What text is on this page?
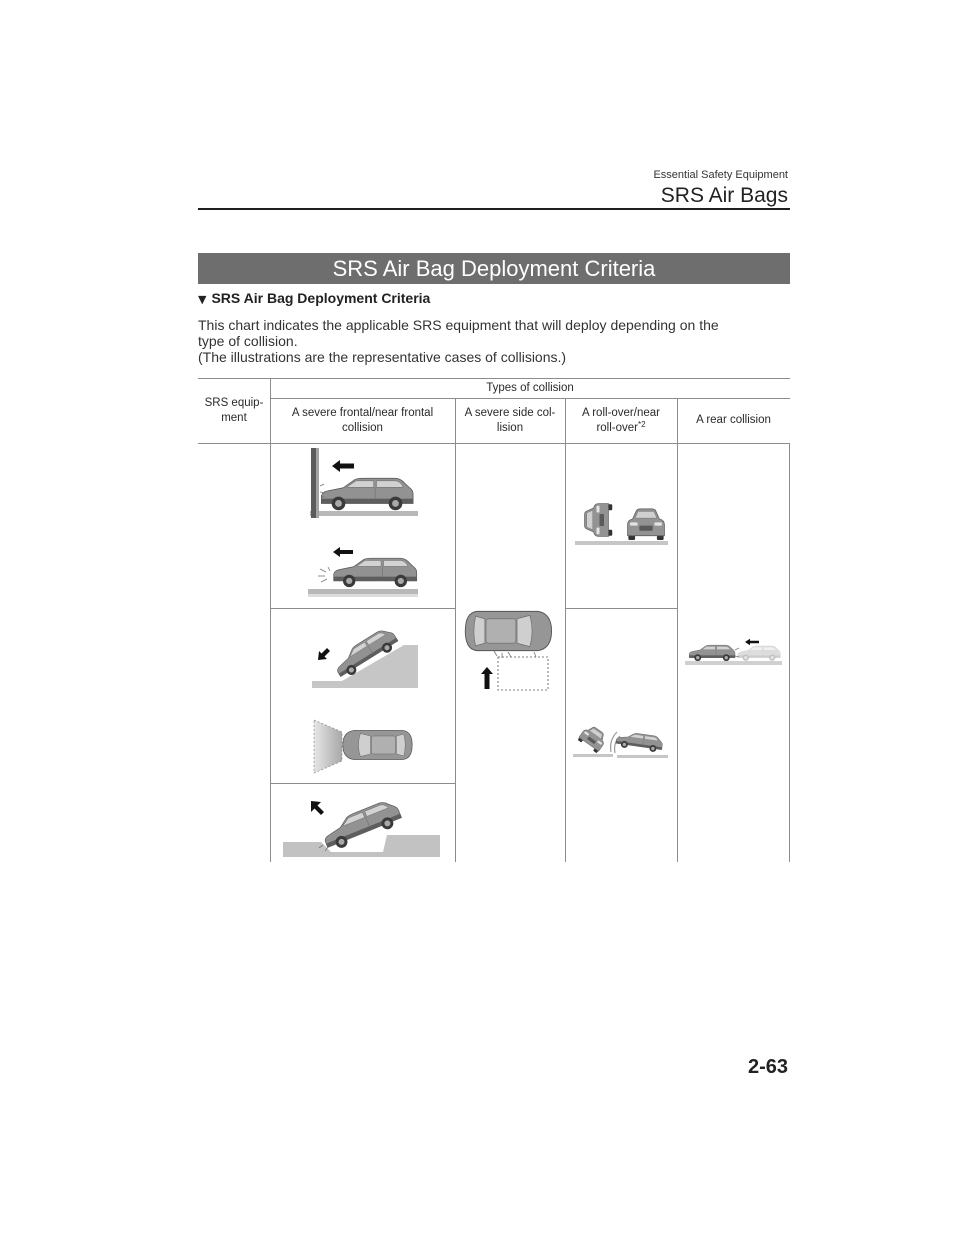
Essential Safety Equipment
SRS Air Bags
SRS Air Bag Deployment Criteria
▼ SRS Air Bag Deployment Criteria
This chart indicates the applicable SRS equipment that will deploy depending on the
type of collision.
(The illustrations are the representative cases of collisions.)
SRS equip-
ment
Types of collision
A severe frontal/near frontal
collision
A severe side col-
lision
A roll-over/near
roll-over$^{*2}$	A rear collision
2-63
